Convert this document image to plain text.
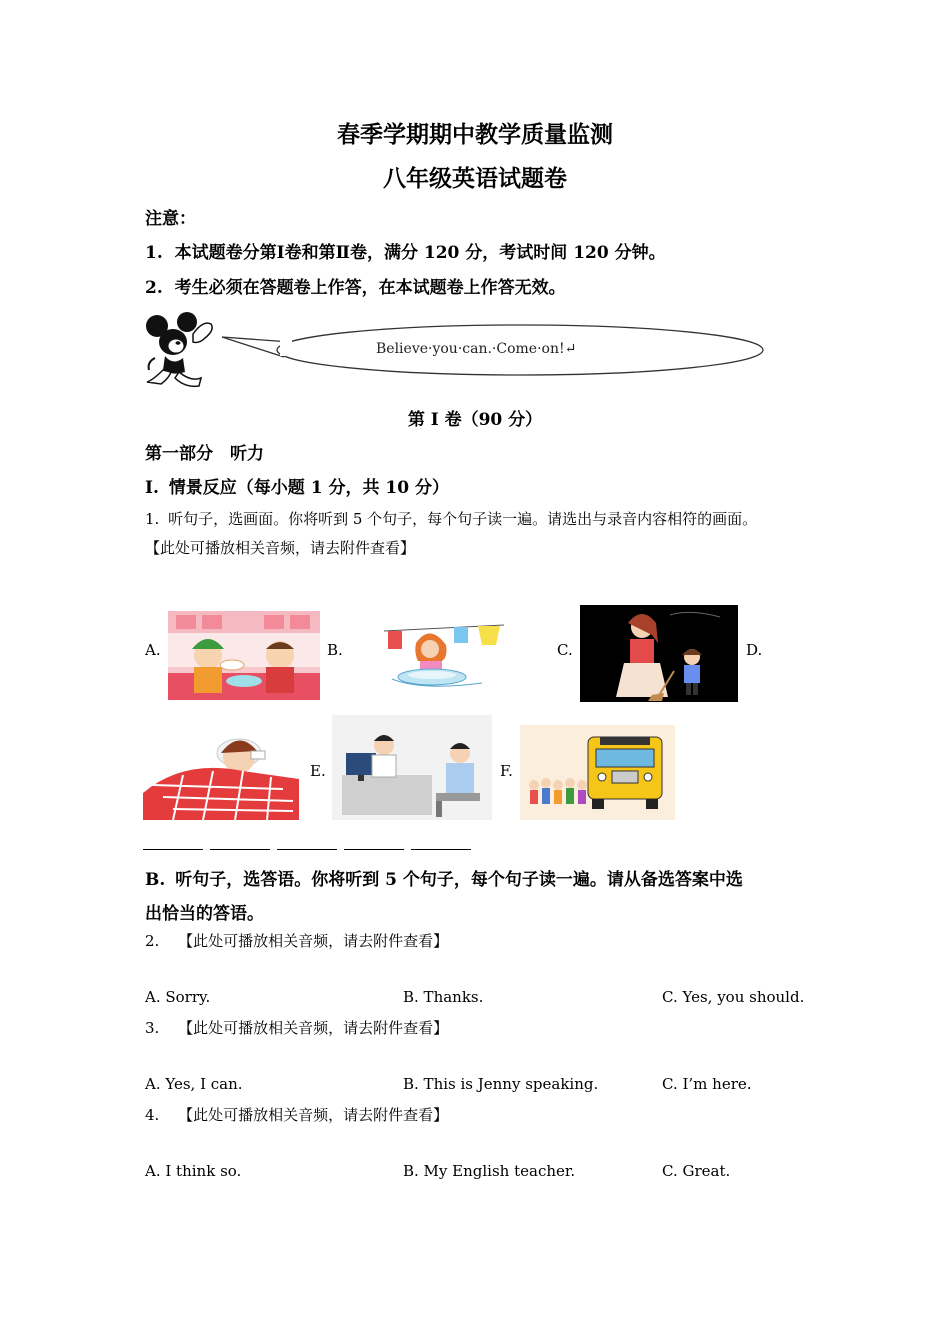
春季学期期中教学质量监测
八年级英语试题卷
注意：
1. 本试题卷分第Ⅰ卷和第Ⅱ卷，满分 120 分，考试时间 120 分钟。
2. 考生必须在答题卷上作答，在本试题卷上作答无效。
Believe·you·can.·Come·on!↵
第 I 卷（90 分）
第一部分　听力
I. 情景反应（每小题 1 分，共 10 分）
1. 听句子，选画面。你将听到 5 个句子，每个句子读一遍。请选出与录音内容相符的画面。
【此处可播放相关音频，请去附件查看】
A.	B.	C.	D.
E.	F.
B. 听句子，选答语。你将听到 5 个句子，每个句子读一遍。请从备选答案中选
出恰当的答语。
2. 【此处可播放相关音频，请去附件查看】
A. Sorry.	B. Thanks.	C. Yes, you should.
3. 【此处可播放相关音频，请去附件查看】
A. Yes, I can.	B. This is Jenny speaking.	C. I’m here.
4. 【此处可播放相关音频，请去附件查看】
A. I think so.	B. My English teacher.	C. Great.
